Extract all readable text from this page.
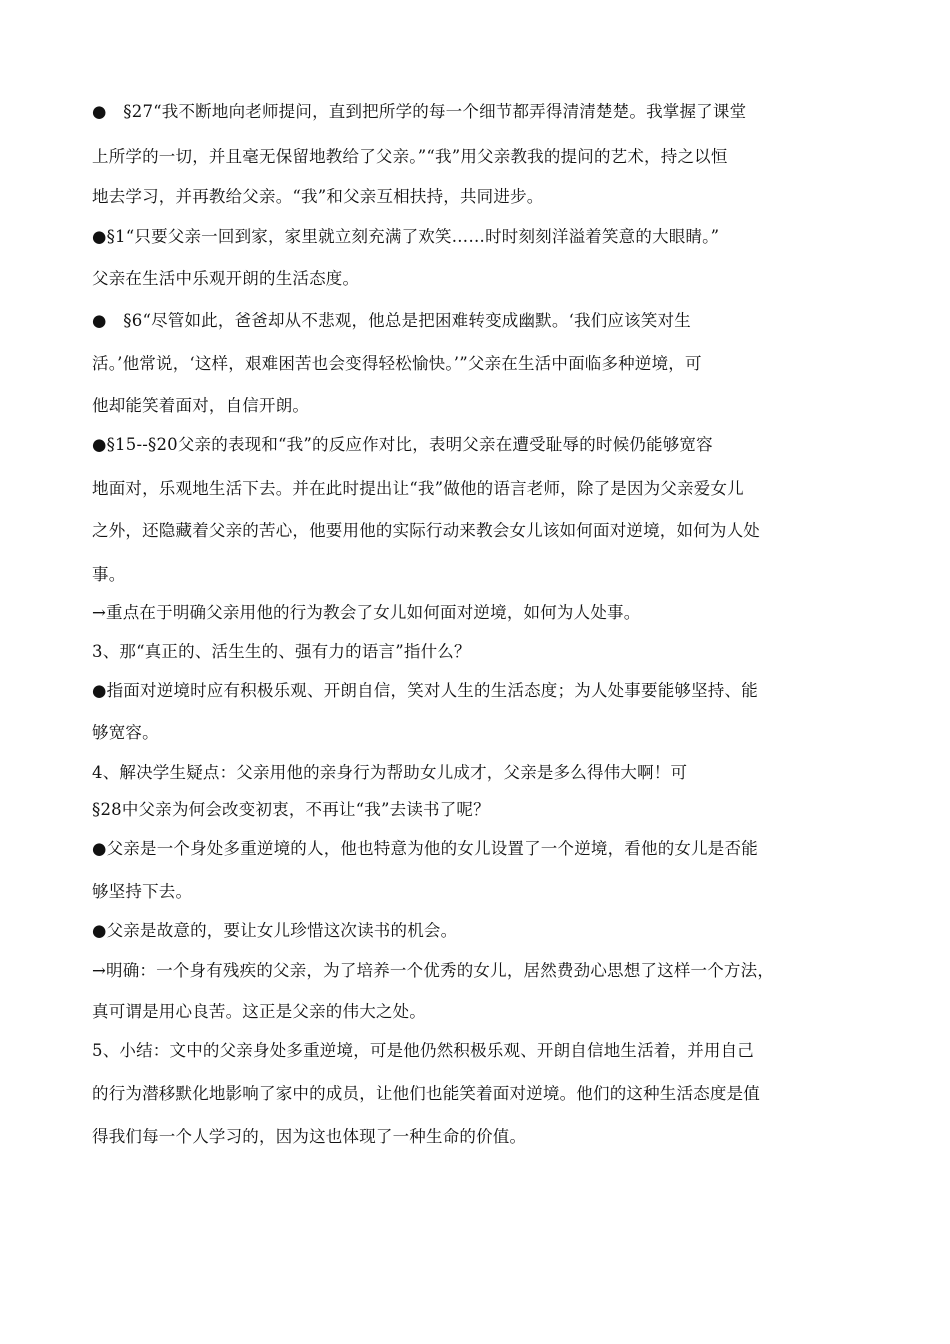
●　§27“我不断地向老师提问，直到把所学的每一个细节都弄得清清楚楚。我掌握了课堂
上所学的一切，并且毫无保留地教给了父亲。”“我”用父亲教我的提问的艺术，持之以恒
地去学习，并再教给父亲。“我”和父亲互相扶持，共同进步。
●§1“只要父亲一回到家，家里就立刻充满了欢笑……时时刻刻洋溢着笑意的大眼睛。”
父亲在生活中乐观开朗的生活态度。
●　§6“尽管如此，爸爸却从不悲观，他总是把困难转变成幽默。‘我们应该笑对生
活。’他常说，‘这样，艰难困苦也会变得轻松愉快。’”父亲在生活中面临多种逆境，可
他却能笑着面对，自信开朗。
●§15--§20父亲的表现和“我”的反应作对比，表明父亲在遭受耻辱的时候仍能够宽容
地面对，乐观地生活下去。并在此时提出让“我”做他的语言老师，除了是因为父亲爱女儿
之外，还隐藏着父亲的苦心，他要用他的实际行动来教会女儿该如何面对逆境，如何为人处
事。
→重点在于明确父亲用他的行为教会了女儿如何面对逆境，如何为人处事。
3、那“真正的、活生生的、强有力的语言”指什么？
●指面对逆境时应有积极乐观、开朗自信，笑对人生的生活态度；为人处事要能够坚持、能
够宽容。
4、解决学生疑点：父亲用他的亲身行为帮助女儿成才，父亲是多么得伟大啊！可
§28中父亲为何会改变初衷，不再让“我”去读书了呢？
●父亲是一个身处多重逆境的人，他也特意为他的女儿设置了一个逆境，看他的女儿是否能
够坚持下去。
●父亲是故意的，要让女儿珍惜这次读书的机会。
→明确：一个身有残疾的父亲，为了培养一个优秀的女儿，居然费劲心思想了这样一个方法，
真可谓是用心良苦。这正是父亲的伟大之处。
5、小结：文中的父亲身处多重逆境，可是他仍然积极乐观、开朗自信地生活着，并用自己
的行为潜移默化地影响了家中的成员，让他们也能笑着面对逆境。他们的这种生活态度是值
得我们每一个人学习的，因为这也体现了一种生命的价值。
